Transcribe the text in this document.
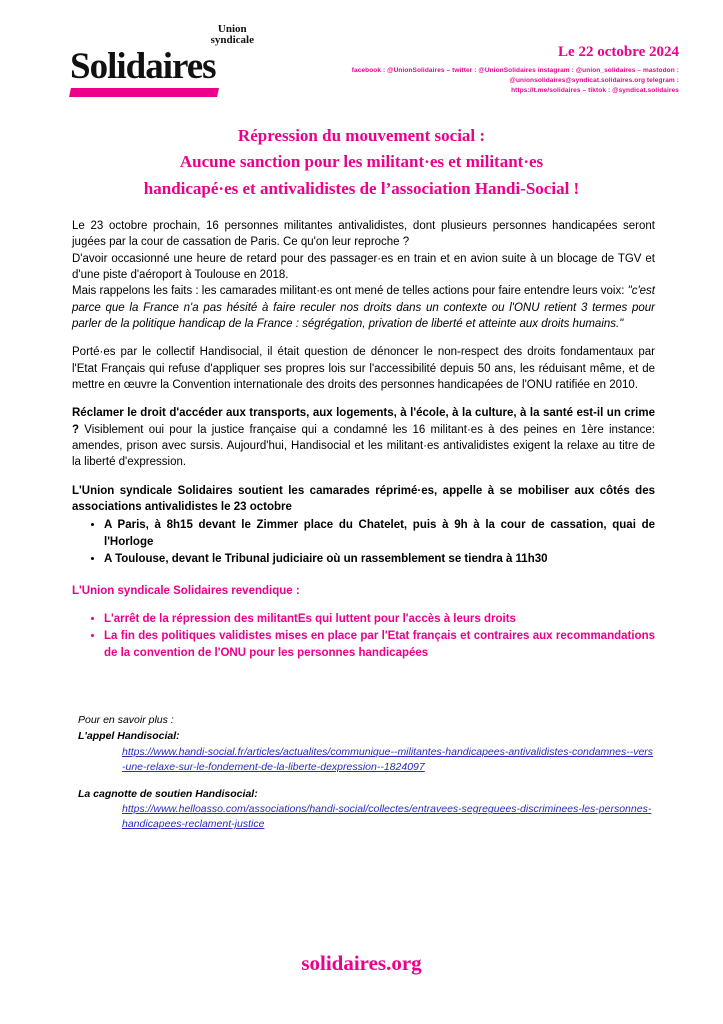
Union
syndicale
Solidaires	Le 22 octobre 2024
facebook : @UnionSolidaires – twitter : @UnionSolidaires instagram : @union_solidaires – mastodon :
@unionsolidaires@syndicat.solidaires.org telegram :
https://t.me/solidaires – tiktok : @syndicat.solidaires
Répression du mouvement social :
Aucune sanction pour les militant·es et militant·es
handicapé·es et antivalidistes de l’association Handi-Social !

Le 23 octobre prochain, 16 personnes militantes antivalidistes, dont plusieurs personnes handicapées seront jugées par la cour de cassation de Paris. Ce qu'on leur reproche ?

D'avoir occasionné une heure de retard pour des passager·es en train et en avion suite à un blocage de TGV et d'une piste d'aéroport à Toulouse en 2018.

Mais rappelons les faits : les camarades militant·es ont mené de telles actions pour faire entendre leurs voix: "c'est parce que la France n'a pas hésité à faire reculer nos droits dans un contexte ou l'ONU retient 3 termes pour parler de la politique handicap de la France : ségrégation, privation de liberté et atteinte aux droits humains."

Porté·es par le collectif Handisocial, il était question de dénoncer le non-respect des droits fondamentaux par l'Etat Français qui refuse d'appliquer ses propres lois sur l'accessibilité depuis 50 ans, les réduisant même, et de mettre en œuvre la Convention internationale des droits des personnes handicapées de l'ONU ratifiée en 2010.

Réclamer le droit d'accéder aux transports, aux logements, à l'école, à la culture, à la santé est-il un crime ? Visiblement oui pour la justice française qui a condamné les 16 militant·es à des peines en 1ère instance: amendes, prison avec sursis. Aujourd'hui, Handisocial et les militant·es antivalidistes exigent la relaxe au titre de la liberté d'expression.

L'Union syndicale Solidaires soutient les camarades réprimé·es, appelle à se mobiliser aux côtés des associations antivalidistes le 23 octobre

• A Paris, à 8h15 devant le Zimmer place du Chatelet, puis à 9h à la cour de cassation, quai de l'Horloge
• A Toulouse, devant le Tribunal judiciaire où un rassemblement se tiendra à 11h30

L'Union syndicale Solidaires revendique :

• L'arrêt de la répression des militantEs qui luttent pour l'accès à leurs droits
• La fin des politiques validistes mises en place par l'Etat français et contraires aux recommandations de la convention de l'ONU pour les personnes handicapées
Pour en savoir plus :
L'appel Handisocial:
https://www.handi-social.fr/articles/actualites/communique--militantes-handicapees-antivalidistes-condamnes--vers-une-relaxe-sur-le-fondement-de-la-liberte-dexpression--1824097
La cagnotte de soutien Handisocial:
https://www.helloasso.com/associations/handi-social/collectes/entravees-segreguees-discriminees-les-personnes-handicapees-reclament-justice
solidaires.org
